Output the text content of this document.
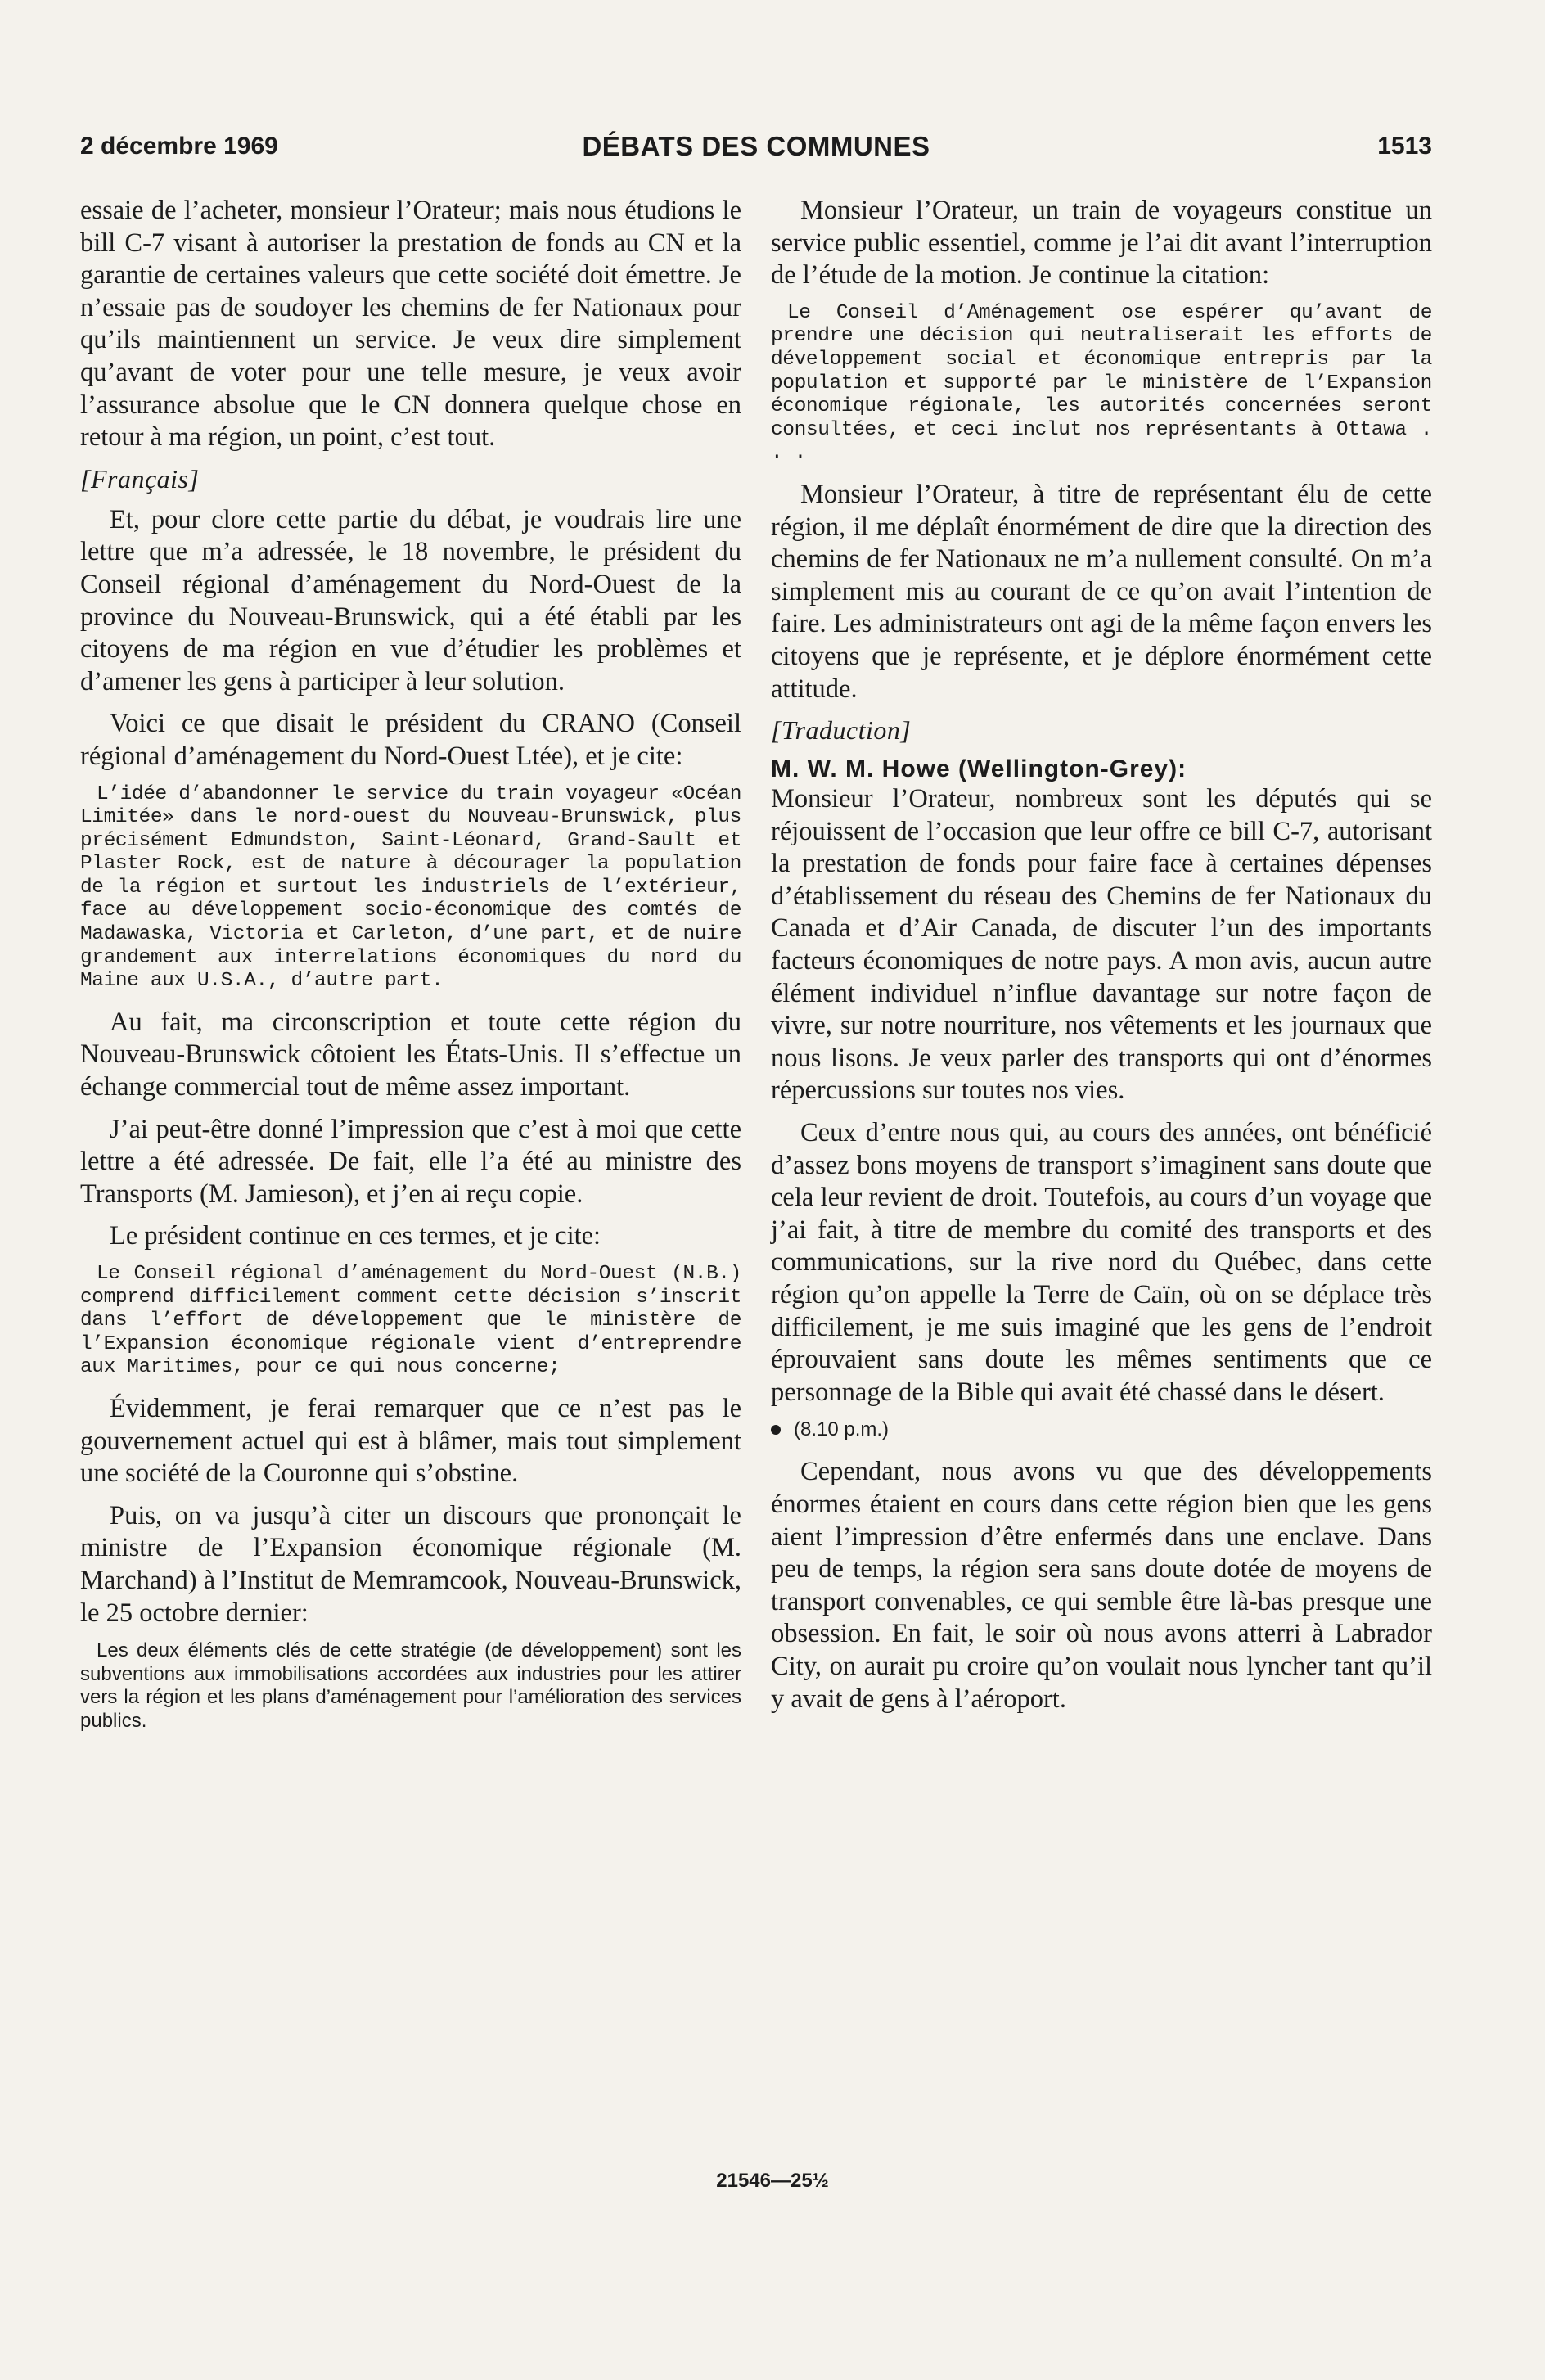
2 décembre 1969	DÉBATS DES COMMUNES	1513

essaie de l’acheter, monsieur l’Orateur; mais nous étudions le bill C-7 visant à autoriser la prestation de fonds au CN et la garantie de certaines valeurs que cette société doit émettre. Je n’essaie pas de soudoyer les chemins de fer Nationaux pour qu’ils maintiennent un service. Je veux dire simplement qu’avant de voter pour une telle mesure, je veux avoir l’assurance absolue que le CN donnera quelque chose en retour à ma région, un point, c’est tout.

[Français]

Et, pour clore cette partie du débat, je voudrais lire une lettre que m’a adressée, le 18 novembre, le président du Conseil régional d’aménagement du Nord-Ouest de la province du Nouveau-Brunswick, qui a été établi par les citoyens de ma région en vue d’étudier les problèmes et d’amener les gens à participer à leur solution.

Voici ce que disait le président du CRANO (Conseil régional d’aménagement du Nord-Ouest Ltée), et je cite:

L’idée d’abandonner le service du train voyageur «Océan Limitée» dans le nord-ouest du Nouveau-Brunswick, plus précisément Edmundston, Saint-Léonard, Grand-Sault et Plaster Rock, est de nature à décourager la population de la région et surtout les industriels de l’extérieur, face au développement socio-économique des comtés de Madawaska, Victoria et Carleton, d’une part, et de nuire grandement aux interrelations économiques du nord du Maine aux U.S.A., d’autre part.

Au fait, ma circonscription et toute cette région du Nouveau-Brunswick côtoient les États-Unis. Il s’effectue un échange commercial tout de même assez important.

J’ai peut-être donné l’impression que c’est à moi que cette lettre a été adressée. De fait, elle l’a été au ministre des Transports (M. Jamieson), et j’en ai reçu copie.

Le président continue en ces termes, et je cite:

Le Conseil régional d’aménagement du Nord-Ouest (N.B.) comprend difficilement comment cette décision s’inscrit dans l’effort de développement que le ministère de l’Expansion économique régionale vient d’entreprendre aux Maritimes, pour ce qui nous concerne;

Évidemment, je ferai remarquer que ce n’est pas le gouvernement actuel qui est à blâmer, mais tout simplement une société de la Couronne qui s’obstine.

Puis, on va jusqu’à citer un discours que prononçait le ministre de l’Expansion économique régionale (M. Marchand) à l’Institut de Memramcook, Nouveau-Brunswick, le 25 octobre dernier:

Les deux éléments clés de cette stratégie (de développement) sont les subventions aux immobilisations accordées aux industries pour les attirer vers la région et les plans d’aménagement pour l’amélioration des services publics.

Monsieur l’Orateur, un train de voyageurs constitue un service public essentiel, comme je l’ai dit avant l’interruption de l’étude de la motion. Je continue la citation:

Le Conseil d’Aménagement ose espérer qu’avant de prendre une décision qui neutraliserait les efforts de développement social et économique entrepris par la population et supporté par le ministère de l’Expansion économique régionale, les autorités concernées seront consultées, et ceci inclut nos représentants à Ottawa . . .

Monsieur l’Orateur, à titre de représentant élu de cette région, il me déplaît énormément de dire que la direction des chemins de fer Nationaux ne m’a nullement consulté. On m’a simplement mis au courant de ce qu’on avait l’intention de faire. Les administrateurs ont agi de la même façon envers les citoyens que je représente, et je déplore énormément cette attitude.

[Traduction]
M. W. M. Howe (Wellington-Grey):

Monsieur l’Orateur, nombreux sont les députés qui se réjouissent de l’occasion que leur offre ce bill C-7, autorisant la prestation de fonds pour faire face à certaines dépenses d’établissement du réseau des Chemins de fer Nationaux du Canada et d’Air Canada, de discuter l’un des importants facteurs économiques de notre pays. A mon avis, aucun autre élément individuel n’influe davantage sur notre façon de vivre, sur notre nourriture, nos vêtements et les journaux que nous lisons. Je veux parler des transports qui ont d’énormes répercussions sur toutes nos vies.

Ceux d’entre nous qui, au cours des années, ont bénéficié d’assez bons moyens de transport s’imaginent sans doute que cela leur revient de droit. Toutefois, au cours d’un voyage que j’ai fait, à titre de membre du comité des transports et des communications, sur la rive nord du Québec, dans cette région qu’on appelle la Terre de Caïn, où on se déplace très difficilement, je me suis imaginé que les gens de l’endroit éprouvaient sans doute les mêmes sentiments que ce personnage de la Bible qui avait été chassé dans le désert.

(8.10 p.m.)

Cependant, nous avons vu que des développements énormes étaient en cours dans cette région bien que les gens aient l’impression d’être enfermés dans une enclave. Dans peu de temps, la région sera sans doute dotée de moyens de transport convenables, ce qui semble être là-bas presque une obsession. En fait, le soir où nous avons atterri à Labrador City, on aurait pu croire qu’on voulait nous lyncher tant qu’il y avait de gens à l’aéroport.

21546—25½
